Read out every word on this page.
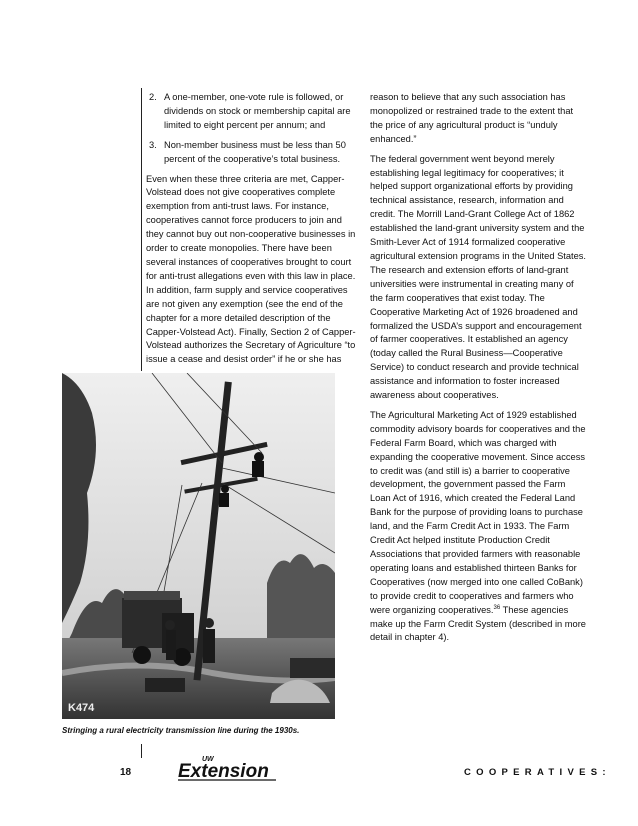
2. A one-member, one-vote rule is followed, or dividends on stock or membership capital are limited to eight percent per annum; and
3. Non-member business must be less than 50 percent of the cooperative’s total business.

Even when these three criteria are met, Capper-Volstead does not give cooperatives complete exemption from anti-trust laws. For instance, cooperatives cannot force producers to join and they cannot buy out non-cooperative businesses in order to create monopolies. There have been several instances of cooperatives brought to court for anti-trust allegations even with this law in place. In addition, farm supply and service cooperatives are not given any exemption (see the end of the chapter for a more detailed description of the Capper-Volstead Act). Finally, Section 2 of Capper-Volstead authorizes the Secretary of Agriculture “to issue a cease and desist order” if he or she has

reason to believe that any such association has monopolized or restrained trade to the extent that the price of any agricultural product is “unduly enhanced.”

The federal government went beyond merely establishing legal legitimacy for cooperatives; it helped support organizational efforts by providing technical assistance, research, information and credit. The Morrill Land-Grant College Act of 1862 established the land-grant university system and the Smith-Lever Act of 1914 formalized cooperative agricultural extension programs in the United States. The research and extension efforts of land-grant universities were instrumental in creating many of the farm cooperatives that exist today. The Cooperative Marketing Act of 1926 broadened and formalized the USDA’s support and encouragement of farmer cooperatives. It established an agency (today called the Rural Business—Cooperative Service) to conduct research and provide technical assistance and information to foster increased awareness about cooperatives.

The Agricultural Marketing Act of 1929 established commodity advisory boards for cooperatives and the Federal Farm Board, which was charged with expanding the cooperative movement. Since access to credit was (and still is) a barrier to cooperative development, the government passed the Farm Loan Act of 1916, which created the Federal Land Bank for the purpose of providing loans to purchase land, and the Farm Credit Act in 1933. The Farm Credit Act helped institute Production Credit Associations that provided farmers with reasonable operating loans and established thirteen Banks for Cooperatives (now merged into one called CoBank) to provide credit to cooperatives and farmers who were organizing cooperatives.$^{36}$ These agencies make up the Farm Credit System (described in more detail in chapter 4).

K474
Stringing a rural electricity transmission line during the 1930s.
18
UW
Extension	COOPERATIVES:
